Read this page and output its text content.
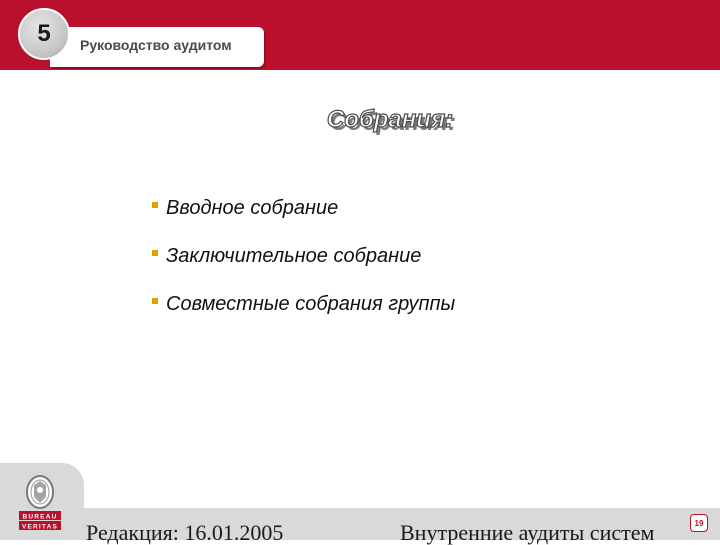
Руководство аудитом
5
Собрания:
Вводное собрание
Заключительное собрание
Совместные собрания группы
BUREAU
VERITAS Редакция: 16.01.2005	Внутренние аудиты систем	19
